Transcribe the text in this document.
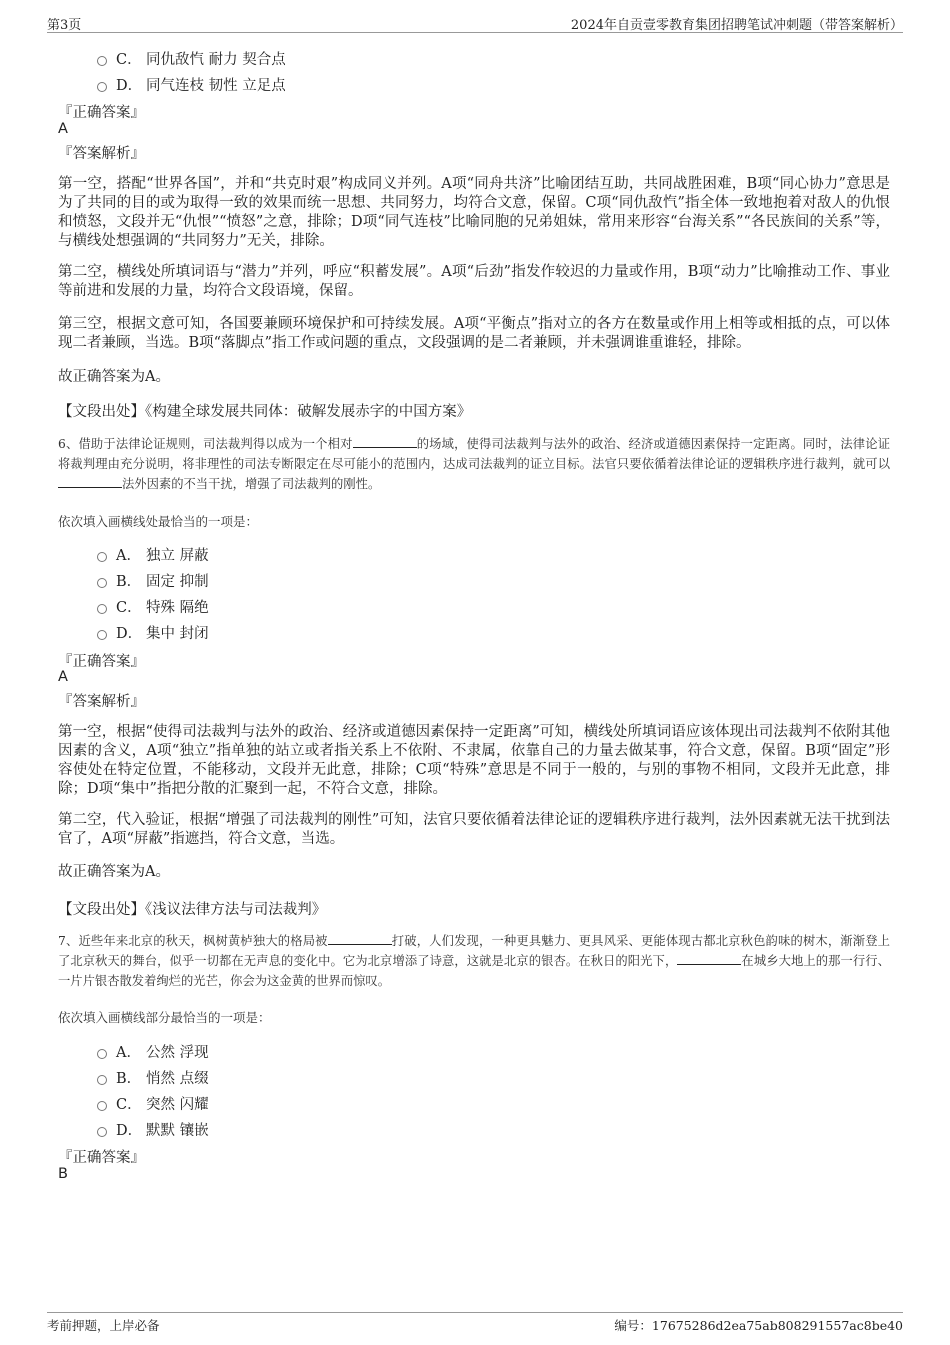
第3页	2024年自贡壹零教育集团招聘笔试冲刺题（带答案解析）
C． 同仇敌忾 耐力 契合点
D． 同气连枝 韧性 立足点
『正确答案』
A
『答案解析』
第一空，搭配“世界各国”，并和“共克时艰”构成同义并列。A项“同舟共济”比喻团结互助，共同战胜困难，B项“同心协力”意思是为了共同的目的或为取得一致的效果而统一思想、共同努力，均符合文意，保留。C项“同仇敌忾”指全体一致地抱着对敌人的仇恨和愤怒，文段并无“仇恨”“愤怒”之意，排除；D项“同气连枝”比喻同胞的兄弟姐妹，常用来形容“台海关系”“各民族间的关系”等，与横线处想强调的“共同努力”无关，排除。
第二空，横线处所填词语与“潜力”并列，呼应“积蓄发展”。A项“后劲”指发作较迟的力量或作用，B项“动力”比喻推动工作、事业等前进和发展的力量，均符合文段语境，保留。
第三空，根据文意可知，各国要兼顾环境保护和可持续发展。A项“平衡点”指对立的各方在数量或作用上相等或相抵的点，可以体现二者兼顾，当选。B项“落脚点”指工作或问题的重点，文段强调的是二者兼顾，并未强调谁重谁轻，排除。
故正确答案为A。
【文段出处】《构建全球发展共同体：破解发展赤字的中国方案》
6、借助于法律论证规则，司法裁判得以成为一个相对	的场域，使得司法裁判与法外的政治、经济或道德因素保持一定距离。同时，法律论证将裁判理由充分说明，将非理性的司法专断限定在尽可能小的范围内，达成司法裁判的证立目标。法官只要依循着法律论证的逻辑秩序进行裁判，就可以法外因素的不当干扰，增强了司法裁判的刚性。
依次填入画横线处最恰当的一项是：
A． 独立 屏蔽
B． 固定 抑制
C． 特殊 隔绝
D． 集中 封闭
『正确答案』
A
『答案解析』
第一空，根据“使得司法裁判与法外的政治、经济或道德因素保持一定距离”可知，横线处所填词语应该体现出司法裁判不依附其他因素的含义，A项“独立”指单独的站立或者指关系上不依附、不隶属，依靠自己的力量去做某事，符合文意，保留。B项“固定”形容使处在特定位置，不能移动，文段并无此意，排除；C项“特殊”意思是不同于一般的，与别的事物不相同，文段并无此意，排除；D项“集中”指把分散的汇聚到一起，不符合文意，排除。
第二空，代入验证，根据“增强了司法裁判的刚性”可知，法官只要依循着法律论证的逻辑秩序进行裁判，法外因素就无法干扰到法官了，A项“屏蔽”指遮挡，符合文意，当选。
故正确答案为A。
【文段出处】《浅议法律方法与司法裁判》
7、近些年来北京的秋天，枫树黄栌独大的格局被	打破，人们发现，一种更具魅力、更具风采、更能体现古都北京秋色韵味的树木，渐渐登上了北京秋天的舞台，似乎一切都在无声息的变化中。它为北京增添了诗意，这就是北京的银杏。在秋日的阳光下，	在城乡大地上的那一行行、一片片银杏散发着绚烂的光芒，你会为这金黄的世界而惊叹。
依次填入画横线部分最恰当的一项是：
A． 公然 浮现
B． 悄然 点缀
C． 突然 闪耀
D． 默默 镶嵌
『正确答案』
B
考前押题，上岸必备	编号：17675286d2ea75ab808291557ac8be40
